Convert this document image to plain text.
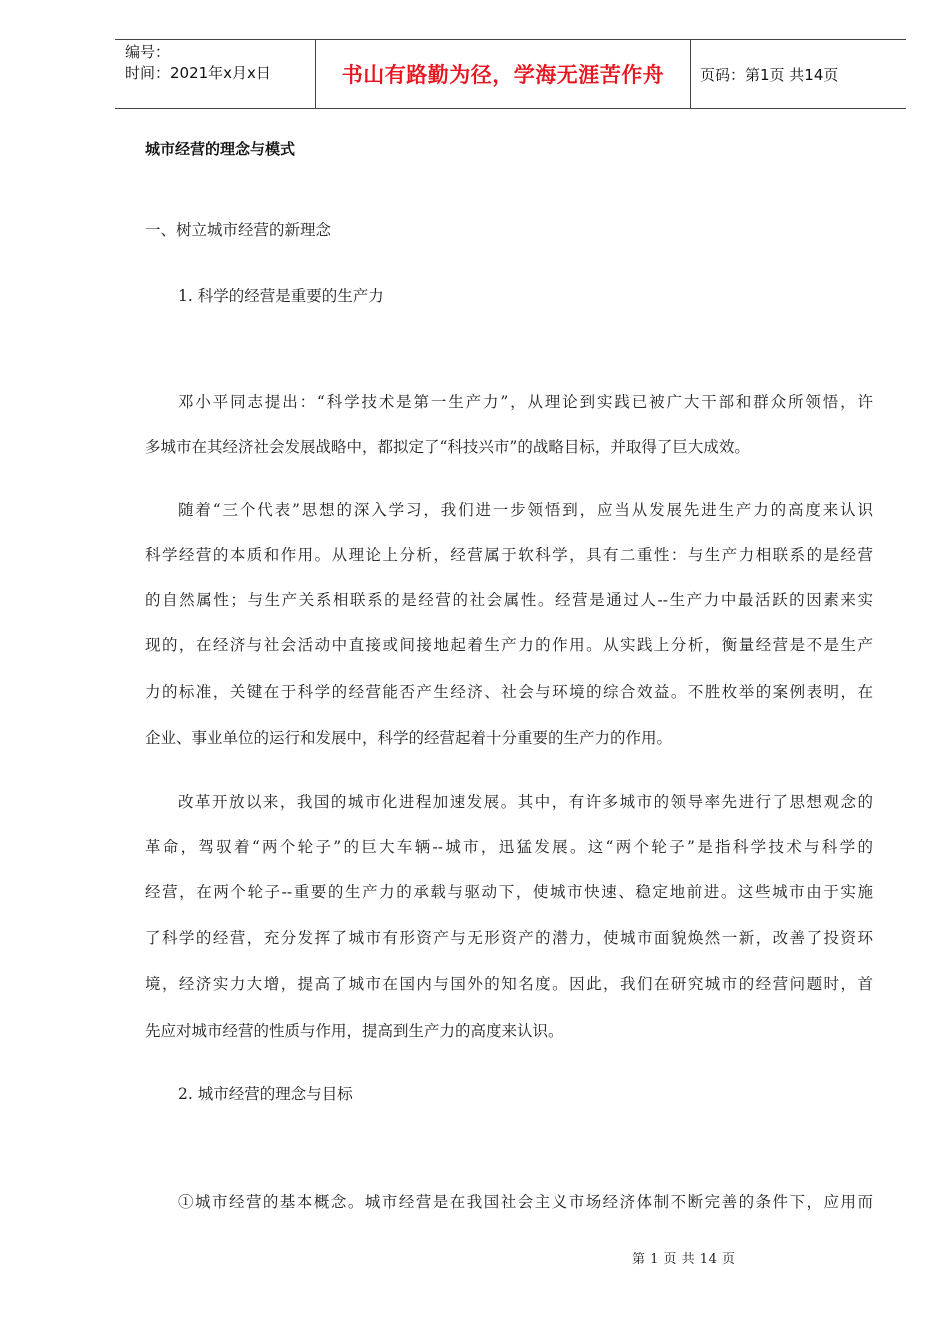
编号：
时间：2021年x月x日	书山有路勤为径，学海无涯苦作舟 页码：第1页 共14页
城市经营的理念与模式
一、树立城市经营的新理念
1. 科学的经营是重要的生产力
邓小平同志提出：“科学技术是第一生产力”，从理论到实践已被广大干部和群众所领悟，许
多城市在其经济社会发展战略中，都拟定了“科技兴市”的战略目标，并取得了巨大成效。
随着“三个代表”思想的深入学习，我们进一步领悟到，应当从发展先进生产力的高度来认识
科学经营的本质和作用。从理论上分析，经营属于软科学，具有二重性：与生产力相联系的是经营
的自然属性；与生产关系相联系的是经营的社会属性。经营是通过人--生产力中最活跃的因素来实
现的，在经济与社会活动中直接或间接地起着生产力的作用。从实践上分析，衡量经营是不是生产
力的标准，关键在于科学的经营能否产生经济、社会与环境的综合效益。不胜枚举的案例表明，在
企业、事业单位的运行和发展中，科学的经营起着十分重要的生产力的作用。
改革开放以来，我国的城市化进程加速发展。其中，有许多城市的领导率先进行了思想观念的
革命，驾驭着“两个轮子”的巨大车辆--城市，迅猛发展。这“两个轮子”是指科学技术与科学的
经营，在两个轮子--重要的生产力的承载与驱动下，使城市快速、稳定地前进。这些城市由于实施
了科学的经营，充分发挥了城市有形资产与无形资产的潜力，使城市面貌焕然一新，改善了投资环
境，经济实力大增，提高了城市在国内与国外的知名度。因此，我们在研究城市的经营问题时，首
先应对城市经营的性质与作用，提高到生产力的高度来认识。
2. 城市经营的理念与目标
①城市经营的基本概念。城市经营是在我国社会主义市场经济体制不断完善的条件下，应用而
第 1 页 共 14 页
